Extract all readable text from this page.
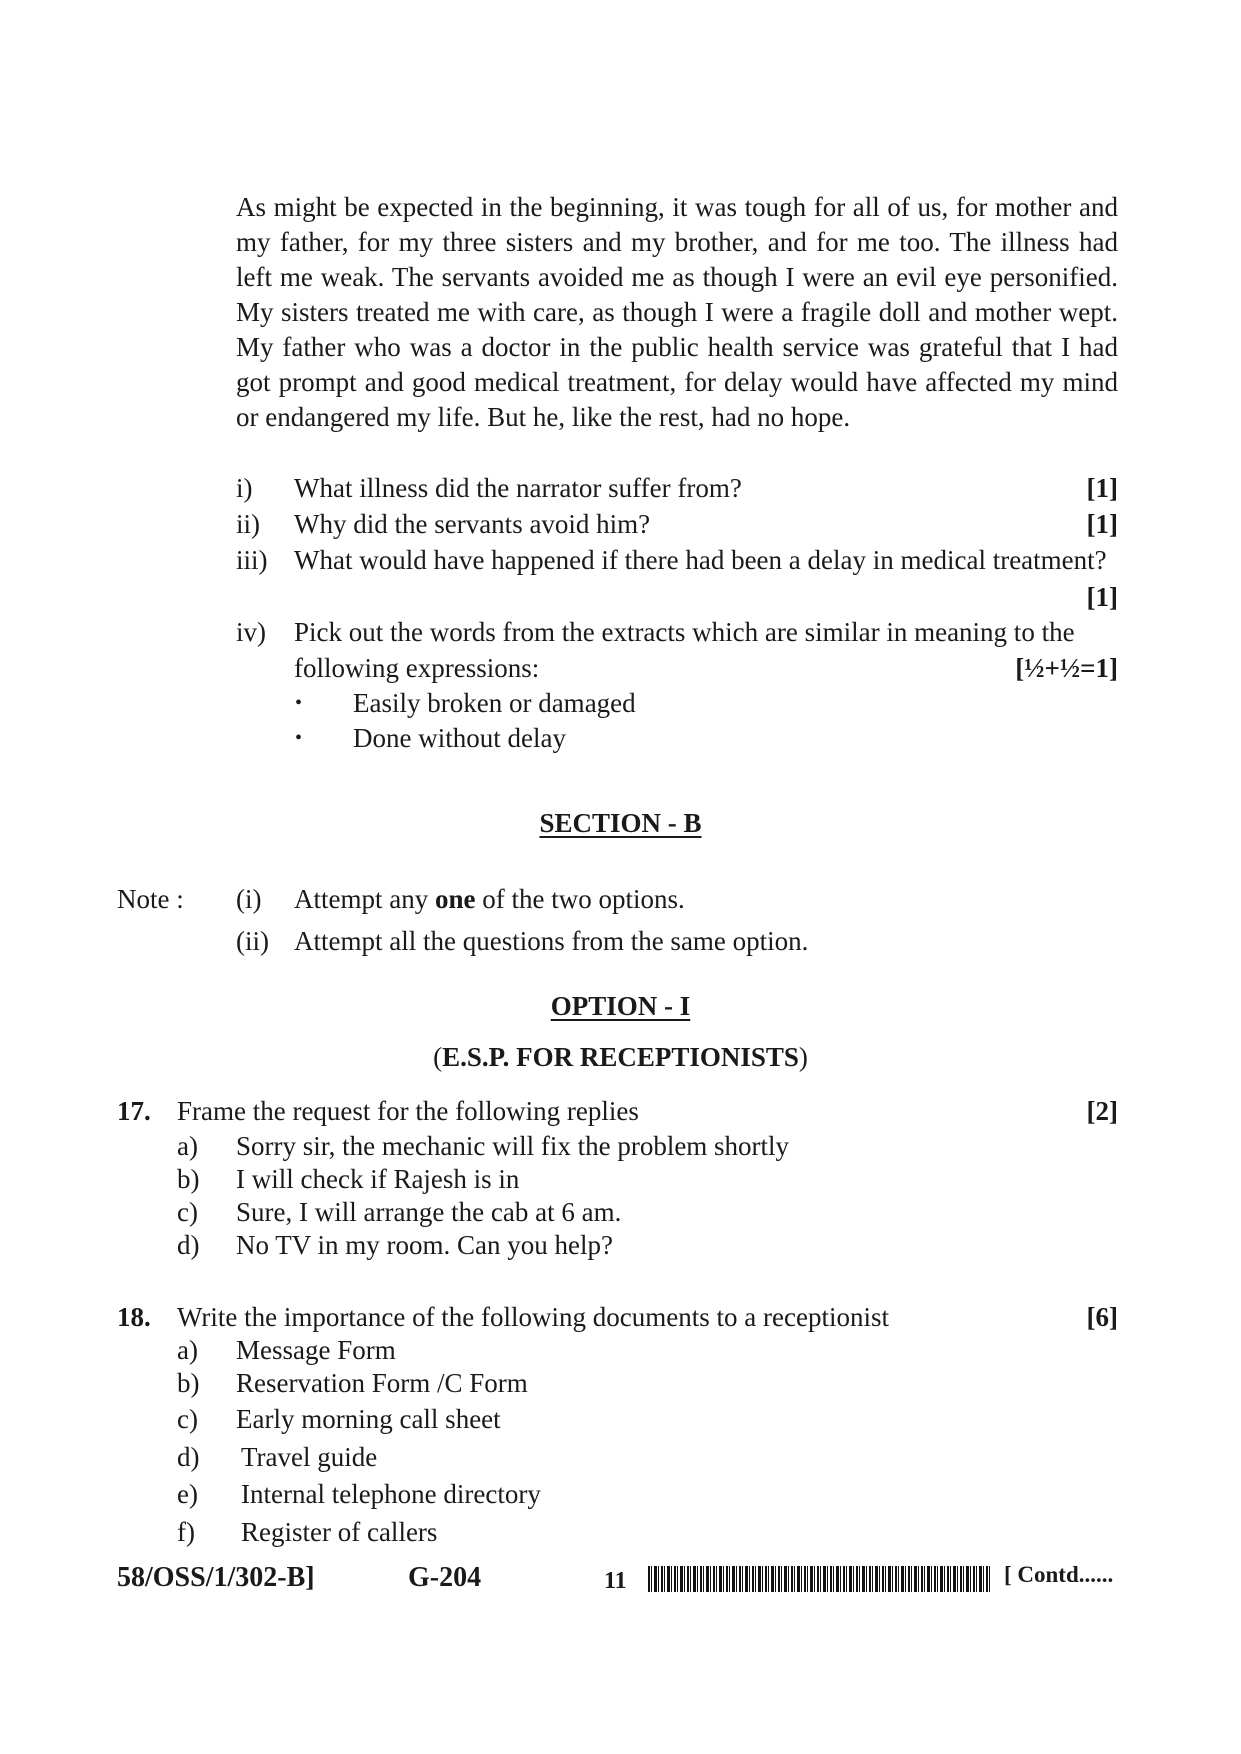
As might be expected in the beginning, it was tough for all of us, for mother and my father, for my three sisters and my brother, and for me too. The illness had left me weak. The servants avoided me as though I were an evil eye personified. My sisters treated me with care, as though I were a fragile doll and mother wept. My father who was a doctor in the public health service was grateful that I had got prompt and good medical treatment, for delay would have affected my mind or endangered my life. But he, like the rest, had no hope.
i) What illness did the narrator suffer from?	[1]
ii) Why did the servants avoid him?	[1]
iii) What would have happened if there had been a delay in medical treatment?
[1]
iv) Pick out the words from the extracts which are similar in meaning to the
following expressions:	[½+½=1]
• Easily broken or damaged
• Done without delay
SECTION - B
Note : (i) Attempt any one of the two options.
(ii) Attempt all the questions from the same option.
OPTION - I
(E.S.P. FOR RECEPTIONISTS)
17. Frame the request for the following replies	[2]
a) Sorry sir, the mechanic will fix the problem shortly
b) I will check if Rajesh is in
c) Sure, I will arrange the cab at 6 am.
d) No TV in my room. Can you help?
18. Write the importance of the following documents to a receptionist	[6]
a) Message Form
b) Reservation Form /C Form
c) Early morning call sheet
d) Travel guide
e) Internal telephone directory
f) Register of callers
58/OSS/1/302-B]	G-204	11	[ Contd......
